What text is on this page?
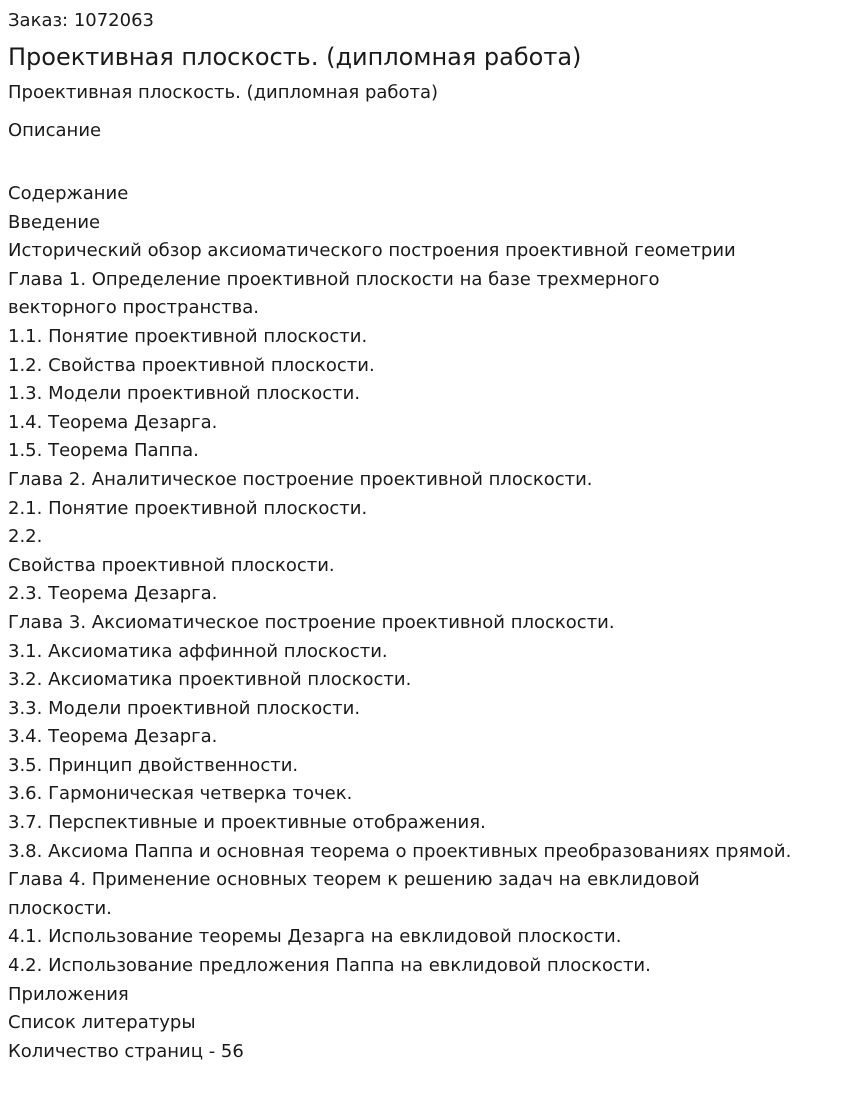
Заказ: 1072063
Проективная плоскость. (дипломная работа)
Проективная плоскость. (дипломная работа)
Описание
Содержание
Введение
Исторический обзор аксиоматического построения проективной геометрии
Глава 1. Определение проективной плоскости на базе трехмерного
векторного пространства.
1.1. Понятие проективной плоскости.
1.2. Свойства проективной плоскости.
1.3. Модели проективной плоскости.
1.4. Теорема Дезарга.
1.5. Теорема Паппа.
Глава 2. Аналитическое построение проективной плоскости.
2.1. Понятие проективной плоскости.
2.2.
Свойства проективной плоскости.
2.3. Теорема Дезарга.
Глава 3. Аксиоматическое построение проективной плоскости.
3.1. Аксиоматика аффинной плоскости.
3.2. Аксиоматика проективной плоскости.
3.3. Модели проективной плоскости.
3.4. Теорема Дезарга.
3.5. Принцип двойственности.
3.6. Гармоническая четверка точек.
3.7. Перспективные и проективные отображения.
3.8. Аксиома Паппа и основная теорема о проективных преобразованиях прямой.
Глава 4. Применение основных теорем к решению задач на евклидовой
плоскости.
4.1. Использование теоремы Дезарга на евклидовой плоскости.
4.2. Использование предложения Паппа на евклидовой плоскости.
Приложения
Список литературы
Количество страниц - 56
